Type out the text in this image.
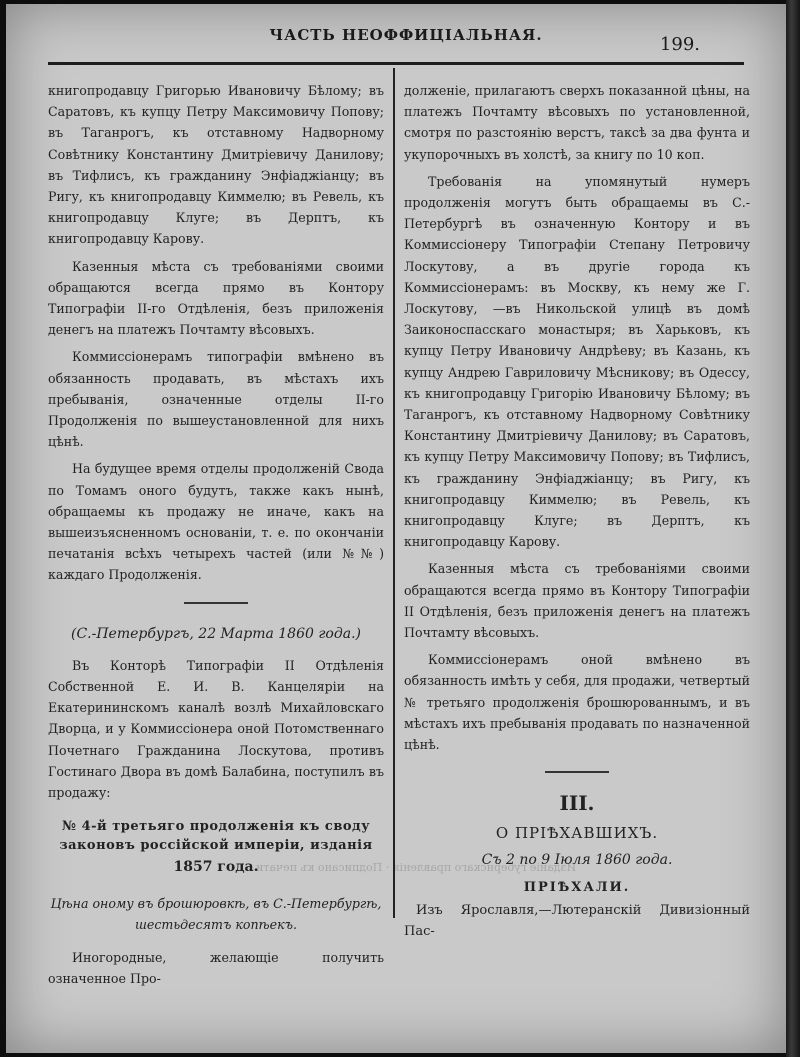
ЧАСТЬ НЕОФФИЦIАЛЬНАЯ.	199.

книгопродавцу Григорью Ивановичу Бѣлому; въ Саратовъ, къ купцу Петру Максимовичу Попову; въ Таганрогъ, къ отставному Надворному Совѣтнику Константину Дмитрiевичу Данилову; въ Тифлисъ, къ гражданину Энфiаджiанцу; въ Ригу, къ книгопродавцу Киммелю; въ Ревель, къ книгопродавцу Клуге; въ Дерптъ, къ книгопродавцу Карову.

Казенныя мѣста съ требованiями своими обращаются всегда прямо въ Контору Типографiи II-го Отдѣленiя, безъ приложенiя денегъ на платежъ Почтамту вѣсовыхъ.

Коммиссiонерамъ типографiи вмѣнено въ обязанность продавать, въ мѣстахъ ихъ пребыванiя, означенные отделы II-го Продолженiя по вышеустановленной для нихъ цѣнѣ.

На будущее время отделы продолженiй Свода по Томамъ оного будутъ, также какъ нынѣ, обращаемы къ продажу не иначе, какъ на вышеизъясненномъ основанiи, т. е. по окончанiи печатанiя всѣхъ четырехъ частей (или №№) каждаго Продолженiя.

(С.-Петербургъ, 22 Марта 1860 года.)

Въ Конторѣ Типографiи II Отдѣленiя Собственной Е. И. В. Канцелярiи на Екатерининскомъ каналѣ возлѣ Михайловскаго Дворца, и у Коммиссiонера оной Потомственнаго Почетнаго Гражданина Лоскутова, противъ Гостинаго Двора въ домѣ Балабина, поступилъ въ продажу:

№ 4-й третьяго продолженiя къ своду законовъ россiйской имперiи, изданiя

1857 года.

Цѣна оному въ брошюровкѣ, въ С.-Петербургѣ, шестьдесятъ копѣекъ.

Иногородные, желающiе получить означенное Про-

долженiе, прилагаютъ сверхъ показанной цѣны, на платежъ Почтамту вѣсовыхъ по установленной, смотря по разстоянiю верстъ, таксѣ за два фунта и укупорочныхъ въ холстѣ, за книгу по 10 коп.

Требованiя на упомянутый нумеръ продолженiя могутъ быть обращаемы въ С.-Петербургѣ въ означенную Контору и въ Коммиссiонеру Типографiи Степану Петровичу Лоскутову, а въ другiе города къ Коммиссiонерамъ: въ Москву, къ нему же Г. Лоскутову, —въ Никольской улицѣ въ домѣ Заиконоспасскаго монастыря; въ Харьковъ, къ купцу Петру Ивановичу Андрѣеву; въ Казань, къ купцу Андрею Гавриловичу Мѣсникову; въ Одессу, къ книгопродавцу Григорiю Ивановичу Бѣлому; въ Таганрогъ, къ отставному Надворному Совѣтнику Константину Дмитрiевичу Данилову; въ Саратовъ, къ купцу Петру Максимовичу Попову; въ Тифлисъ, къ гражданину Энфiаджiанцу; въ Ригу, къ книгопродавцу Киммелю; въ Ревель, къ книгопродавцу Клуге; въ Дерптъ, къ книгопродавцу Карову.

Казенныя мѣста съ требованiями своими обращаются всегда прямо въ Контору Типографiи II Отдѣленiя, безъ приложенiя денегъ на платежъ Почтамту вѣсовыхъ.

Коммиссiонерамъ оной вмѣнено въ обязанность имѣть у себя, для продажи, четвертый № третьяго продолженiя брошюрованнымъ, и въ мѣстахъ ихъ пребыванiя продавать по назначенной цѣнѣ.

III.

О ПРIѢХАВШИХЪ.

Съ 2 по 9 Iюля 1860 года.

ПРIѢХАЛИ.

Изъ Ярославля,—Лютеранскiй Дивизiонный Пас-

Изданiе губернскаго правленiя · Подписано къ печати
